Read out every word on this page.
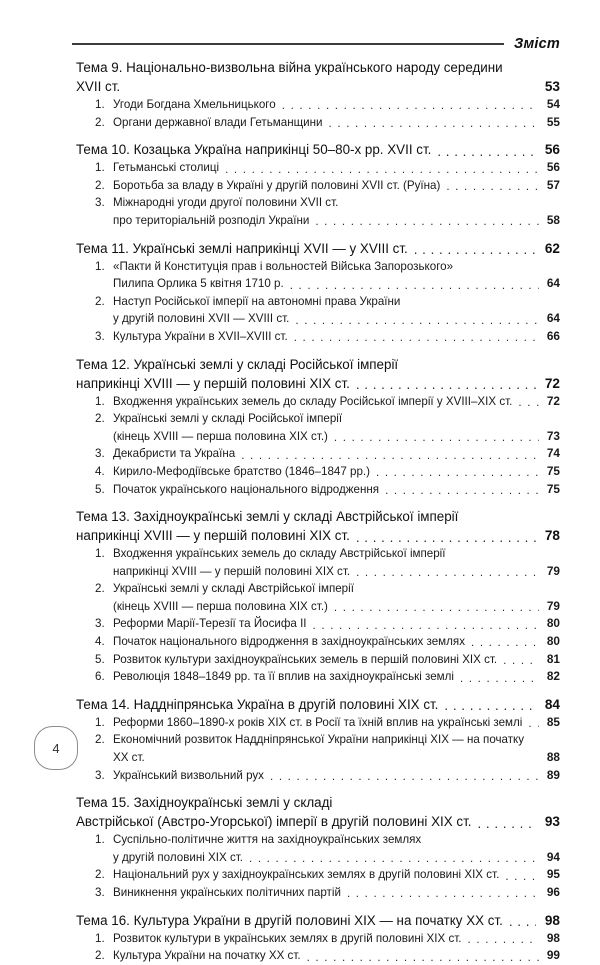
Зміст
Тема 9. Національно-визвольна війна українського народу середини XVII ст.	53
1. Угоди Богдана Хмельницького . . .	54
2. Органи державної влади Гетьманщини . . .	55
Тема 10. Козацька Україна наприкінці 50–80-х рр. XVII ст. . . .	56
1. Гетьманські столиці . . .	56
2. Боротьба за владу в Україні у другій половині XVII ст. (Руїна) . . .	57
3. Міжнародні угоди другої половини XVII ст.
про територіальній розподіл України . . .	58
Тема 11. Українські землі наприкінці XVII — у XVIII ст. . . .	62
1. «Пакти й Конституція прав і вольностей Війська Запорозького»
Пилипа Орлика 5 квітня 1710 р. . . .	64
2. Наступ Російської імперії на автономні права України
у другій половині XVII — XVIII ст. . . .	64
3. Культура України в XVII–XVIII ст. . . .	66
Тема 12. Українські землі у складі Російської імперії
наприкінці XVIII — у першій половині XIX ст. . . .	72
1. Входження українських земель до складу Російської імперії у XVIII–XIX ст. . . .	72
2. Українські землі у складі Російської імперії
(кінець XVIII — перша половина XIX ст.) . . .	73
3. Декабристи та Україна . . .	74
4. Кирило-Мефодіївське братство (1846–1847 рр.) . . .	75
5. Початок українського національного відродження . . .	75
Тема 13. Західноукраїнські землі у складі Австрійської імперії
наприкінці XVIII — у першій половині XIX ст. . . .	78
1. Входження українських земель до складу Австрійської імперії
наприкінці XVIII — у першій половині XIX ст. . . .	79
2. Українські землі у складі Австрійської імперії
(кінець XVIII — перша половина XIX ст.) . . .	79
3. Реформи Марії-Терезії та Йосифа II . . .	80
4. Початок національного відродження в західноукраїнських землях . . .	80
5. Розвиток культури західноукраїнських земель в першій половині XIX ст. . . .	81
6. Революція 1848–1849 рр. та її вплив на західноукраїнські землі . . .	82
Тема 14. Наддніпрянська Україна в другій половині XIX ст. . . .	84
1. Реформи 1860–1890-х років XIX ст. в Росії та їхній вплив на українські землі . . .	85
2. Економічний розвиток Наддніпрянської України наприкінці XIX — на початку XX ст.	88
3. Український визвольний рух . . .	89
Тема 15. Західноукраїнські землі у складі
Австрійської (Австро-Угорської) імперії в другій половині XIX ст. . . .	93
1. Суспільно-політичне життя на західноукраїнських землях
у другій половині XIX ст. . . .	94
2. Національний рух у західноукраїнських землях в другій половині XIX ст. . . .	95
3. Виникнення українських політичних партій . . .	96
Тема 16. Культура України в другій половині XIX — на початку XX ст. . . .	98
1. Розвиток культури в українських землях в другій половині XIX ст. . . .	98
2. Культура України на початку XX ст. . . .	99
4
